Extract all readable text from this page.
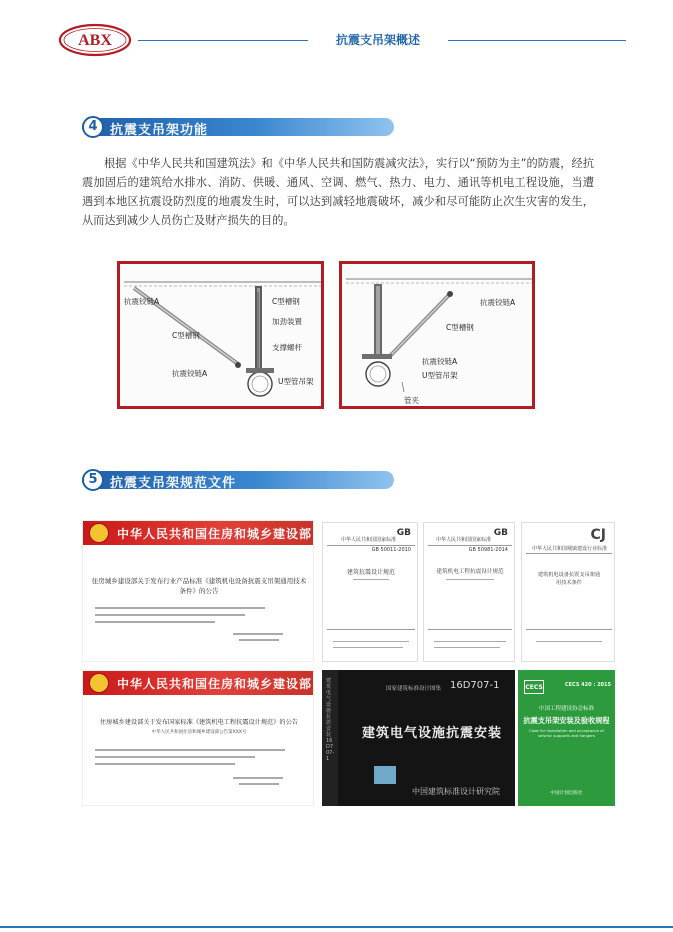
ABX	抗震支吊架概述
4 抗震支吊架功能
根据《中华人民共和国建筑法》和《中华人民共和国防震减灾法》，实行以“预防为主”的防震，经抗震加固后的建筑给水排水、消防、供暖、通风、空调、燃气、热力、电力、通讯等机电工程设施，当遭遇到本地区抗震设防烈度的地震发生时，可以达到减轻地震破坏，减少和尽可能防止次生灾害的发生，从而达到减少人员伤亡及财产损失的目的。
抗震铰链A
C型槽钢
C型槽钢
加劲装置
支撑螺杆
抗震铰链A
U型管吊架
抗震铰链A
C型槽钢
抗震铰链A
U型管吊架
管夹
5 抗震支吊架规范文件
中华人民共和国住房和城乡建设部
住房城乡建设部关于发布行业产品标准《建筑机电设备抗震支吊架通用技术条件》的公告
中华人民共和国国家标准
GB
GB 50011-2010
建筑抗震设计规范
中华人民共和国国家标准
GB
GB 50981-2014
建筑机电工程抗震设计规范
CJ
中华人民共和国城镇建设行业标准
建筑机电设备抗震支吊架通用技术条件
中华人民共和国住房和城乡建设部
住房城乡建设部关于发布国家标准《建筑机电工程抗震设计规范》的公告
中华人民共和国住房和城乡建设部公告第XXX号
建筑电气设施抗震安装 16D707-1
国家建筑标准设计图集 16D707-1
建筑电气设施抗震安装
中国建筑标准设计研究院
CECS	CECS 420 : 2015
中国工程建设协会标准
抗震支吊架安装及验收规程
Code for installation and acceptance of seismic supports and hangers
中国计划出版社
